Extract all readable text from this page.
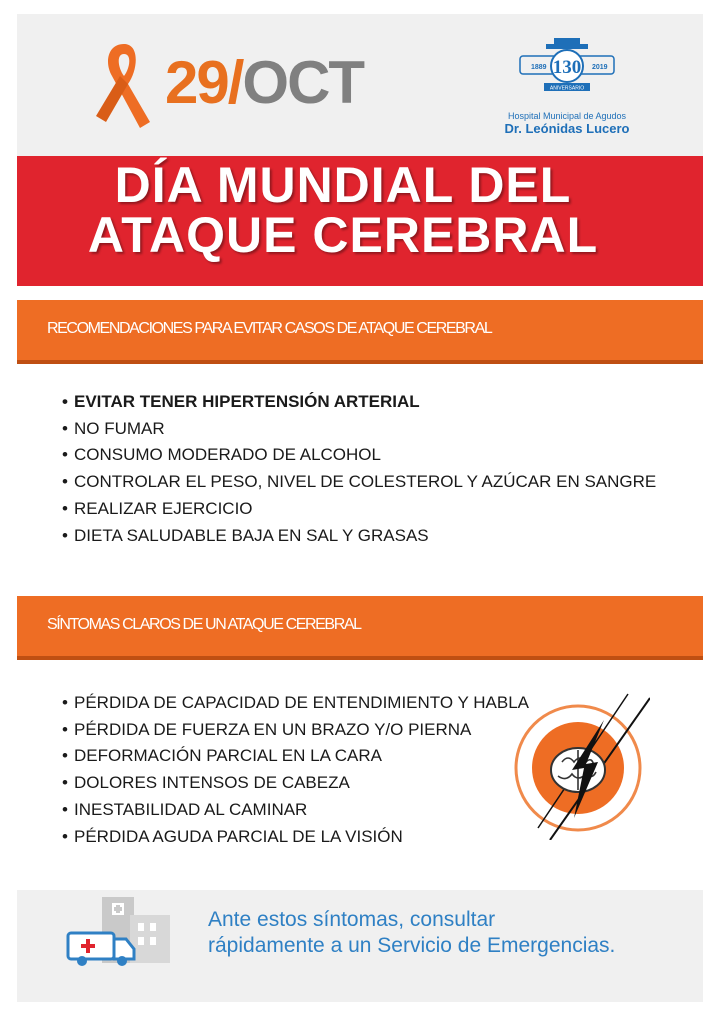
29/OCT	1889	2019
130
ANIVERSARIO
Hospital Municipal de Agudos
Dr. Leónidas Lucero
DÍA MUNDIAL DEL
ATAQUE CEREBRAL
RECOMENDACIONES PARA EVITAR CASOS DE ATAQUE CEREBRAL
• EVITAR TENER HIPERTENSIÓN ARTERIAL
• NO FUMAR
• CONSUMO MODERADO DE ALCOHOL
• CONTROLAR EL PESO, NIVEL DE COLESTEROL Y AZÚCAR EN SANGRE
• REALIZAR EJERCICIO
• DIETA SALUDABLE BAJA EN SAL Y GRASAS
SÍNTOMAS CLAROS DE UN ATAQUE CEREBRAL
• PÉRDIDA DE CAPACIDAD DE ENTENDIMIENTO Y HABLA
• PÉRDIDA DE FUERZA EN UN BRAZO Y/O PIERNA
• DEFORMACIÓN PARCIAL EN LA CARA
• DOLORES INTENSOS DE CABEZA
• INESTABILIDAD AL CAMINAR
• PÉRDIDA AGUDA PARCIAL DE LA VISIÓN
Ante estos síntomas, consultar
rápidamente a un Servicio de Emergencias.
